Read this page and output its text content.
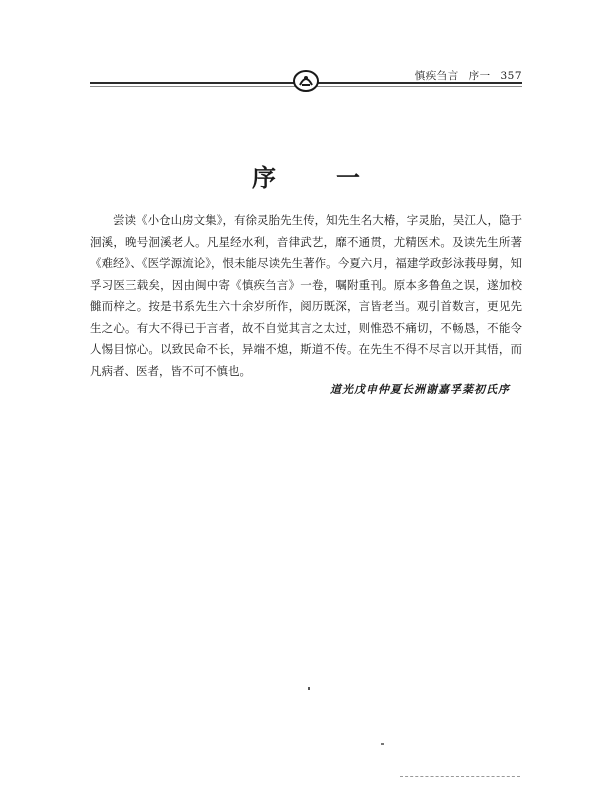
慎疾刍言 序一 357
序一
尝读《小仓山房文集》，有徐灵胎先生传，知先生名大椿，字灵胎，吴江人，隐于洄溪，晚号洄溪老人。凡星经水利，音律武艺，靡不通贯，尤精医术。及读先生所著《难经》、《医学源流论》，恨未能尽读先生著作。今夏六月，福建学政彭泳莪母舅，知孚习医三载矣，因由闽中寄《慎疾刍言》一卷，嘱附重刊。原本多鲁鱼之误，遂加校雠而梓之。按是书系先生六十余岁所作，阅历既深，言皆老当。观引首数言，更见先生之心。有大不得已于言者，故不自觉其言之太过，则惟恐不痛切，不畅恳，不能令人惕目惊心。以致民命不长，异端不熄，斯道不传。在先生不得不尽言以开其悟，而凡病者、医者，皆不可不慎也。
道光戊申仲夏长洲谢嘉孚棻初氏序
